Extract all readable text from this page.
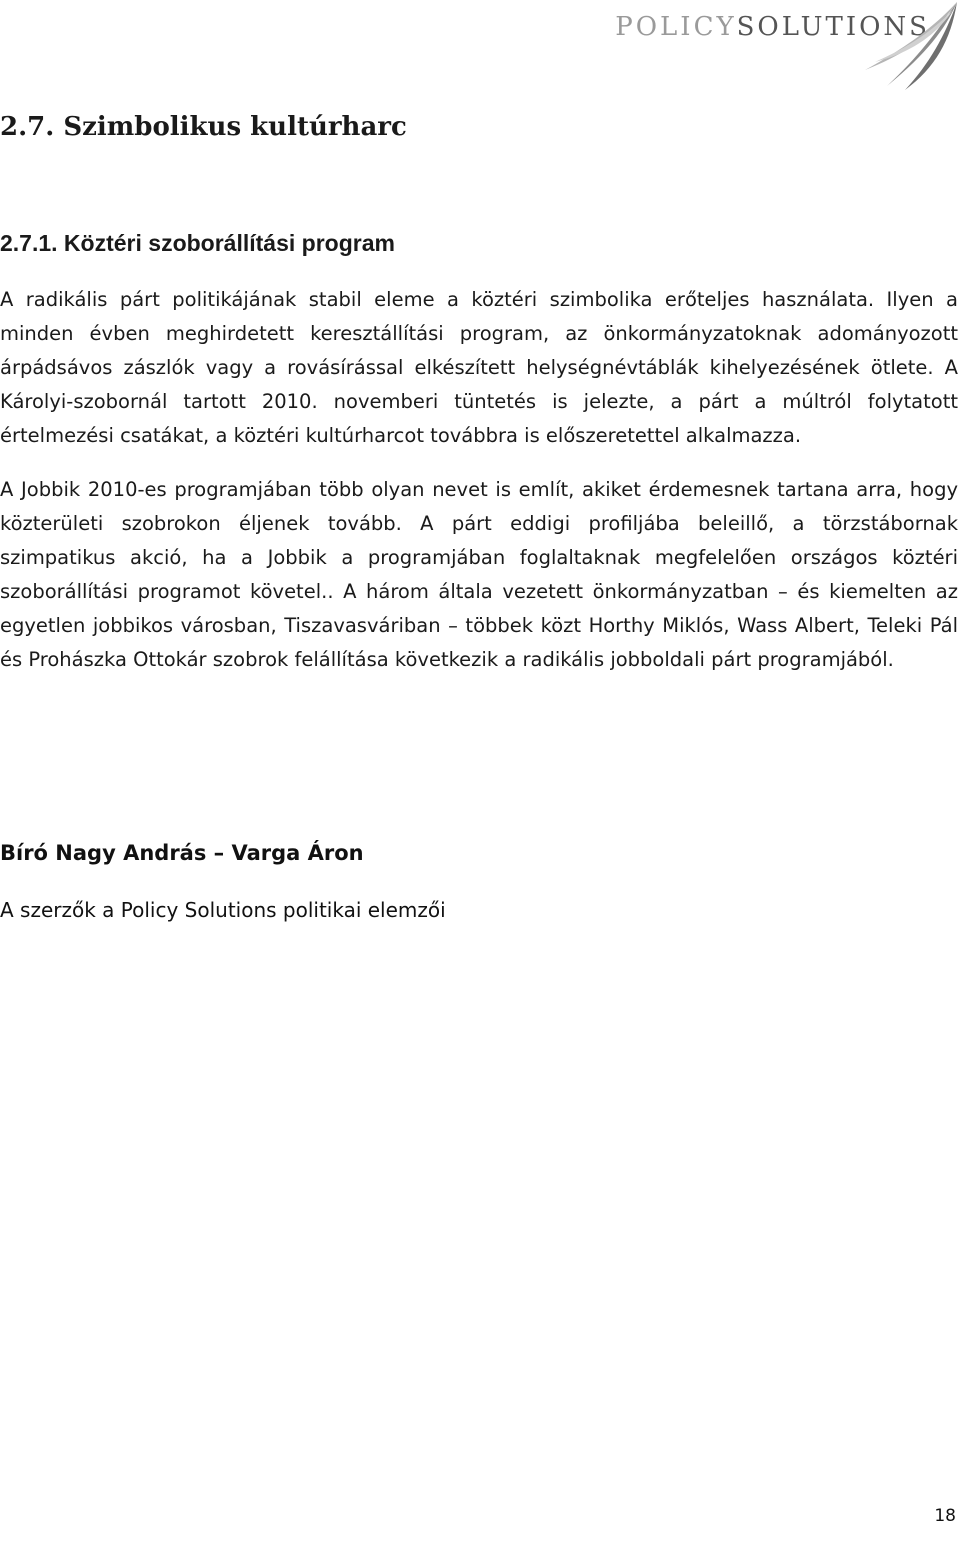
POLICYSOLUTIONS
2.7. Szimbolikus kultúrharc
2.7.1. Köztéri szoborállítási program

A radikális párt politikájának stabil eleme a köztéri szimbolika erőteljes használata. Ilyen a minden évben meghirdetett keresztállítási program, az önkormányzatoknak adományozott árpádsávos zászlók vagy a rovásírással elkészített helységnévtáblák kihelyezésének ötlete. A Károlyi-szobornál tartott 2010. novemberi tüntetés is jelezte, a párt a múltról folytatott értelmezési csatákat, a köztéri kultúrharcot továbbra is előszeretettel alkalmazza.

A Jobbik 2010-es programjában több olyan nevet is említ, akiket érdemesnek tartana arra, hogy közterületi szobrokon éljenek tovább. A párt eddigi profiljába beleillő, a törzstábornak szimpatikus akció, ha a Jobbik a programjában foglaltaknak megfelelően országos köztéri szoborállítási programot követel.. A három általa vezetett önkormányzatban – és kiemelten az egyetlen jobbikos városban, Tiszavasváriban – többek közt Horthy Miklós, Wass Albert, Teleki Pál és Prohászka Ottokár szobrok felállítása következik a radikális jobboldali párt programjából.

Bíró Nagy András – Varga Áron

A szerzők a Policy Solutions politikai elemzői

18
